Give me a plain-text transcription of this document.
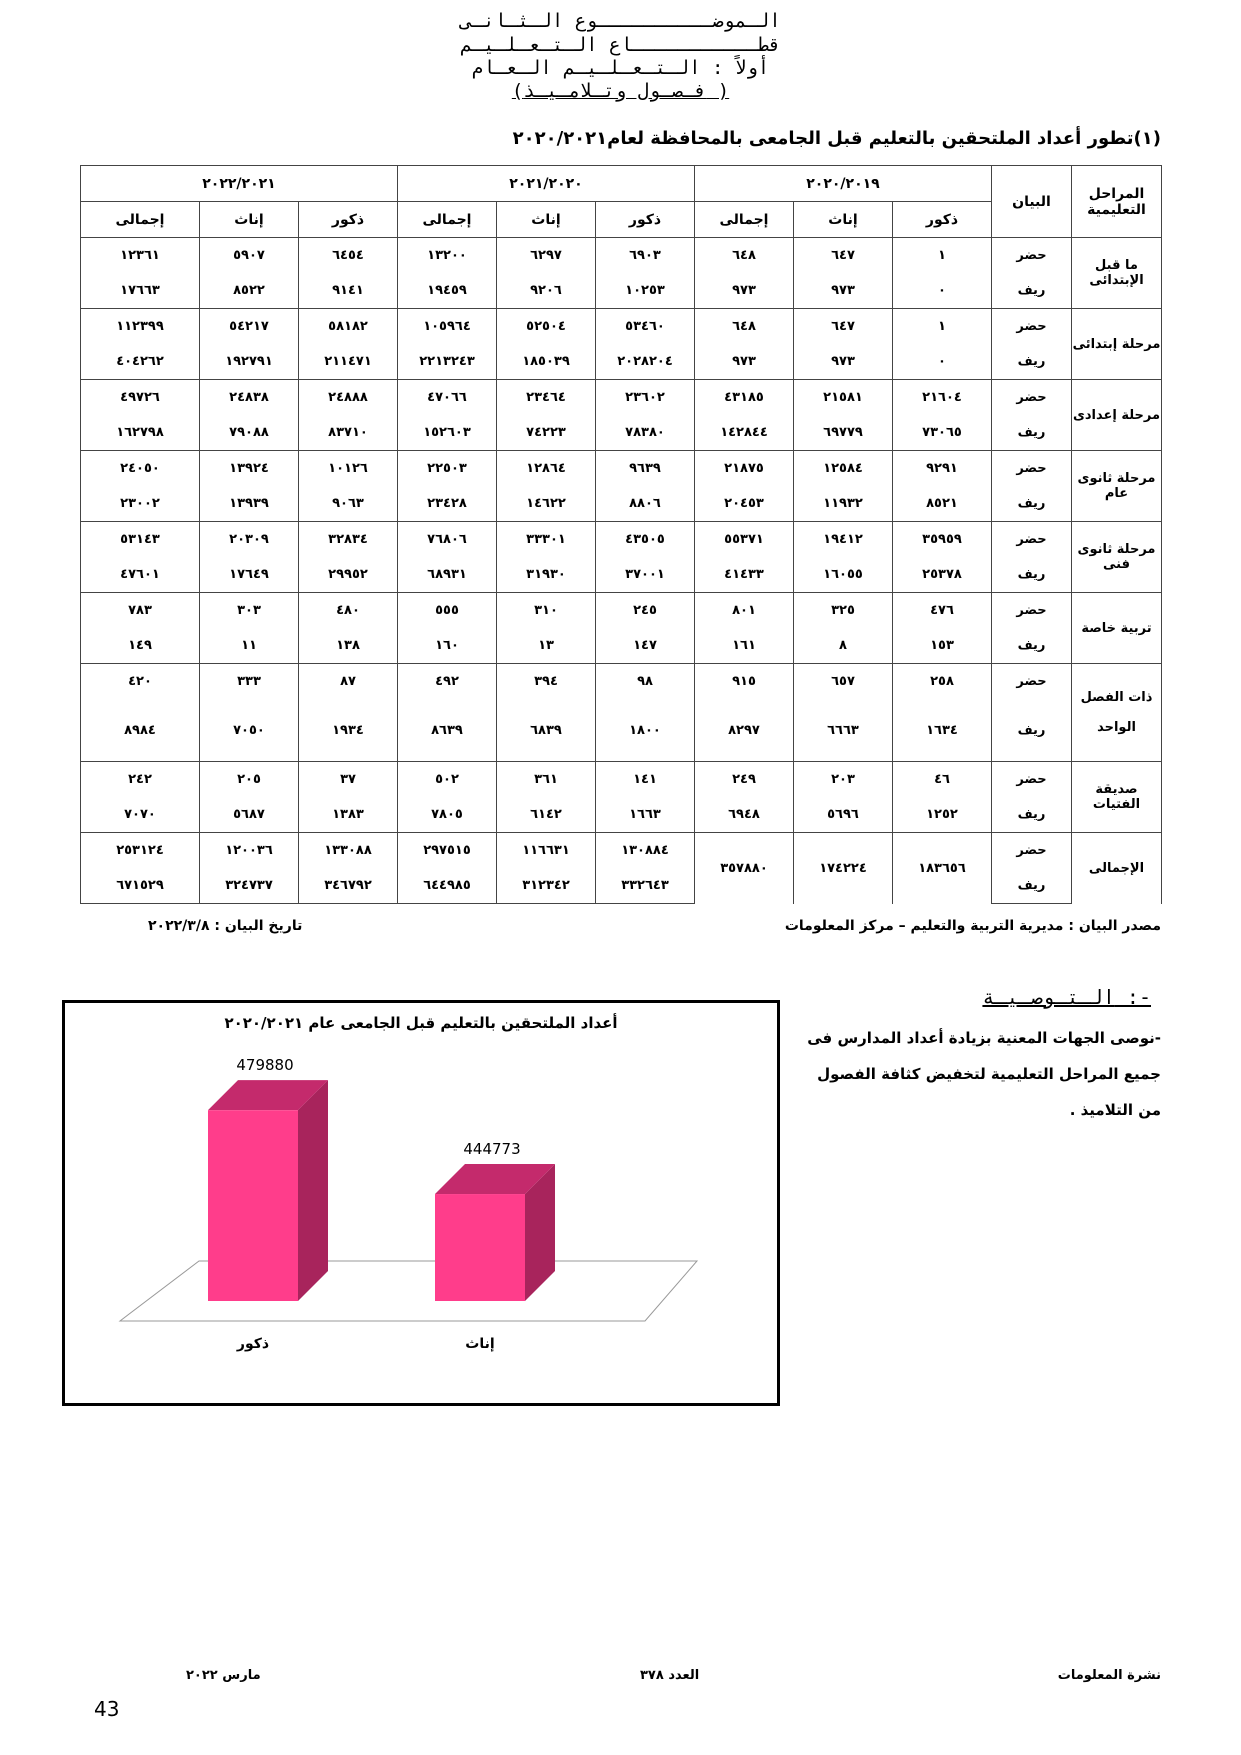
الـموضــــــــــوع الـثـانـى
قطـــــــــــاع الـتـعـلـيـم
أولاً : الـتـعـلـيـم الـعـام
(فـصـول وتـلامـيـذ )
(١)تطور أعداد الملتحقين بالتعليم قبل الجامعى بالمحافظة لعام٢٠٢٠/٢٠٢١
المراحل التعليمية	البيان	٢٠٢٠/٢٠١٩			٢٠٢١/٢٠٢٠			٢٠٢٢/٢٠٢١		
		ذكور	إناث	إجمالى	ذكور	إناث	إجمالى	ذكور	إناث	إجمالى
ما قبل الإبتدائى	حضر	١	٦٤٧	٦٤٨	٦٩٠٣	٦٢٩٧	١٣٢٠٠	٦٤٥٤	٥٩٠٧	١٢٣٦١
	ريف	٠	٩٧٣	٩٧٣	١٠٢٥٣	٩٢٠٦	١٩٤٥٩	٩١٤١	٨٥٢٢	١٧٦٦٣
مرحلة إبتدائى	حضر	١	٦٤٧	٦٤٨	٥٣٤٦٠	٥٢٥٠٤	١٠٥٩٦٤	٥٨١٨٢	٥٤٢١٧	١١٢٣٩٩
	ريف	٠	٩٧٣	٩٧٣	٢٠٢٨٢٠٤	١٨٥٠٣٩	٢٢١٣٢٤٣	٢١١٤٧١	١٩٢٧٩١	٤٠٤٢٦٢
مرحلة إعدادى	حضر	٢١٦٠٤	٢١٥٨١	٤٣١٨٥	٢٣٦٠٢	٢٣٤٦٤	٤٧٠٦٦	٢٤٨٨٨	٢٤٨٣٨	٤٩٧٢٦
	ريف	٧٣٠٦٥	٦٩٧٧٩	١٤٢٨٤٤	٧٨٣٨٠	٧٤٢٢٣	١٥٢٦٠٣	٨٣٧١٠	٧٩٠٨٨	١٦٢٧٩٨
مرحلة ثانوى عام	حضر	٩٢٩١	١٢٥٨٤	٢١٨٧٥	٩٦٣٩	١٢٨٦٤	٢٢٥٠٣	١٠١٢٦	١٣٩٢٤	٢٤٠٥٠
	ريف	٨٥٢١	١١٩٣٢	٢٠٤٥٣	٨٨٠٦	١٤٦٢٢	٢٣٤٢٨	٩٠٦٣	١٣٩٣٩	٢٣٠٠٢
مرحلة ثانوى فنى	حضر	٣٥٩٥٩	١٩٤١٢	٥٥٣٧١	٤٣٥٠٥	٣٣٣٠١	٧٦٨٠٦	٣٢٨٣٤	٢٠٣٠٩	٥٣١٤٣
	ريف	٢٥٣٧٨	١٦٠٥٥	٤١٤٣٣	٣٧٠٠١	٣١٩٣٠	٦٨٩٣١	٢٩٩٥٢	١٧٦٤٩	٤٧٦٠١
تربية خاصة	حضر	٤٧٦	٣٢٥	٨٠١	٢٤٥	٣١٠	٥٥٥	٤٨٠	٣٠٣	٧٨٣
	ريف	١٥٣	٨	١٦١	١٤٧	١٣	١٦٠	١٣٨	١١	١٤٩
ذات الفصل الواحد	حضر	٢٥٨	٦٥٧	٩١٥	٩٨	٣٩٤	٤٩٢	٨٧	٣٣٣	٤٢٠
	ريف	١٦٣٤	٦٦٦٣	٨٢٩٧	١٨٠٠	٦٨٣٩	٨٦٣٩	١٩٣٤	٧٠٥٠	٨٩٨٤
صديقة الفتيات	حضر	٤٦	٢٠٣	٢٤٩	١٤١	٣٦١	٥٠٢	٣٧	٢٠٥	٢٤٢
	ريف	١٢٥٢	٥٦٩٦	٦٩٤٨	١٦٦٣	٦١٤٢	٧٨٠٥	١٣٨٣	٥٦٨٧	٧٠٧٠
الإجمالى	حضر	١٨٣٦٥٦	١٧٤٢٢٤	٣٥٧٨٨٠	١٣٠٨٨٤	١١٦٦٣١	٢٩٧٥١٥	١٣٣٠٨٨	١٢٠٠٣٦	٢٥٣١٢٤
	ريف				٣٣٢٦٤٣	٣١٢٣٤٢	٦٤٤٩٨٥	٣٤٦٧٩٢	٣٢٤٧٣٧	٦٧١٥٢٩
مصدر البيان : مديرية التربية والتعليم – مركز المعلومات
تاريخ البيان : ٢٠٢٢/٣/٨
الـتـوصـيـة :-
-نوصى الجهات المعنية بزيادة أعداد المدارس فى جميع المراحل التعليمية لتخفيض كثافة الفصول من التلاميذ .
أعداد الملتحقين بالتعليم قبل الجامعى عام ٢٠٢٠/٢٠٢١
479880
ذكور
444773
إناث
نشرة المعلومات
العدد ٣٧٨
مارس ٢٠٢٢
43
